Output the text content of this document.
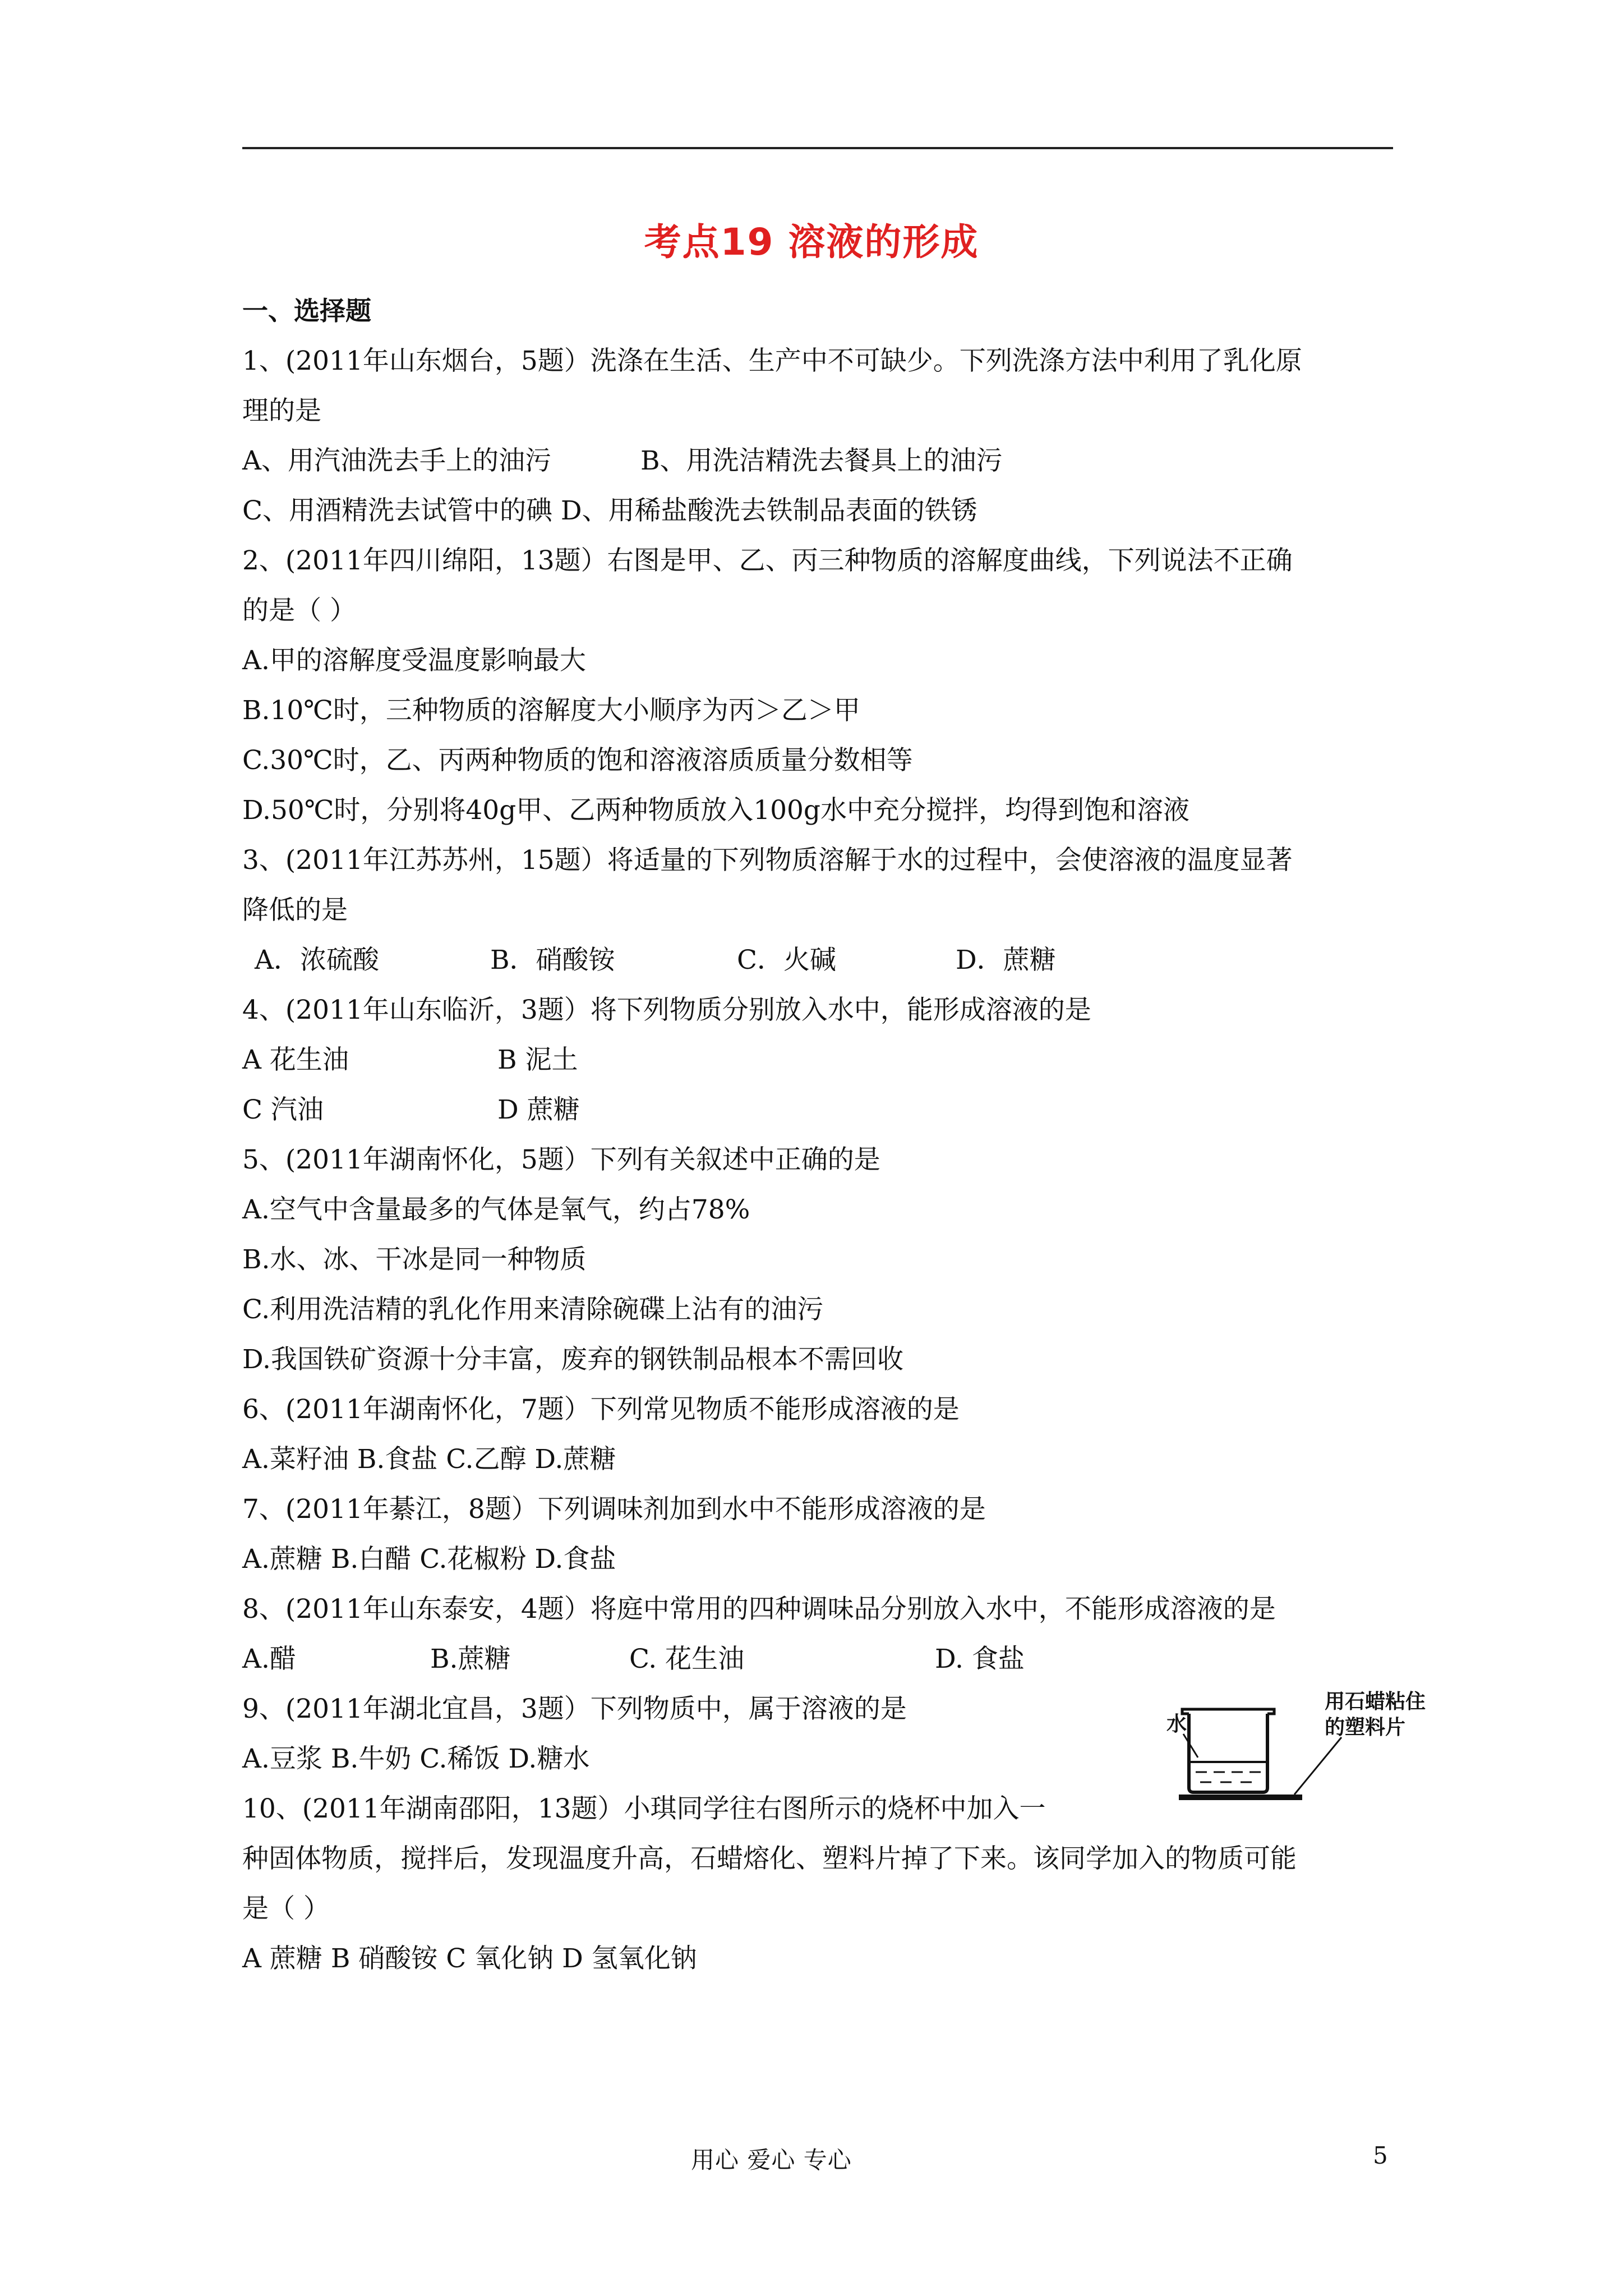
考点19 溶液的形成
一、选择题
1、(2011年山东烟台，5题）洗涤在生活、生产中不可缺少。下列洗涤方法中利用了乳化原
理的是
A、用汽油洗去手上的油污	B、用洗洁精洗去餐具上的油污
C、用酒精洗去试管中的碘 D、用稀盐酸洗去铁制品表面的铁锈
2、(2011年四川绵阳，13题）右图是甲、乙、丙三种物质的溶解度曲线，下列说法不正确
的是（ ）
A.甲的溶解度受温度影响最大
B.10℃时，三种物质的溶解度大小顺序为丙＞乙＞甲
C.30℃时，乙、丙两种物质的饱和溶液溶质质量分数相等
D.50℃时，分别将40g甲、乙两种物质放入100g水中充分搅拌，均得到饱和溶液
3、(2011年江苏苏州，15题）将适量的下列物质溶解于水的过程中，会使溶液的温度显著
降低的是
A．浓硫酸	B．硝酸铵	C．火碱	D．蔗糖
4、(2011年山东临沂，3题）将下列物质分别放入水中，能形成溶液的是
A 花生油	B 泥土
C 汽油	D 蔗糖
5、(2011年湖南怀化，5题）下列有关叙述中正确的是
A.空气中含量最多的气体是氧气，约占78%
B.水、冰、干冰是同一种物质
C.利用洗洁精的乳化作用来清除碗碟上沾有的油污
D.我国铁矿资源十分丰富，废弃的钢铁制品根本不需回收
6、(2011年湖南怀化，7题）下列常见物质不能形成溶液的是
A.菜籽油 B.食盐 C.乙醇 D.蔗糖
7、(2011年綦江，8题）下列调味剂加到水中不能形成溶液的是
A.蔗糖 B.白醋 C.花椒粉 D.食盐
8、(2011年山东泰安，4题）将庭中常用的四种调味品分别放入水中，不能形成溶液的是
A.醋	B.蔗糖	C. 花生油	D. 食盐
9、(2011年湖北宜昌，3题）下列物质中，属于溶液的是
A.豆浆 B.牛奶 C.稀饭 D.糖水
10、(2011年湖南邵阳，13题）小琪同学往右图所示的烧杯中加入一
种固体物质，搅拌后，发现温度升高，石蜡熔化、塑料片掉了下来。该同学加入的物质可能
是（ ）
A 蔗糖 B 硝酸铵 C 氧化钠 D 氢氧化钠
水
用石蜡粘住的塑料片
用心 爱心 专心	5
